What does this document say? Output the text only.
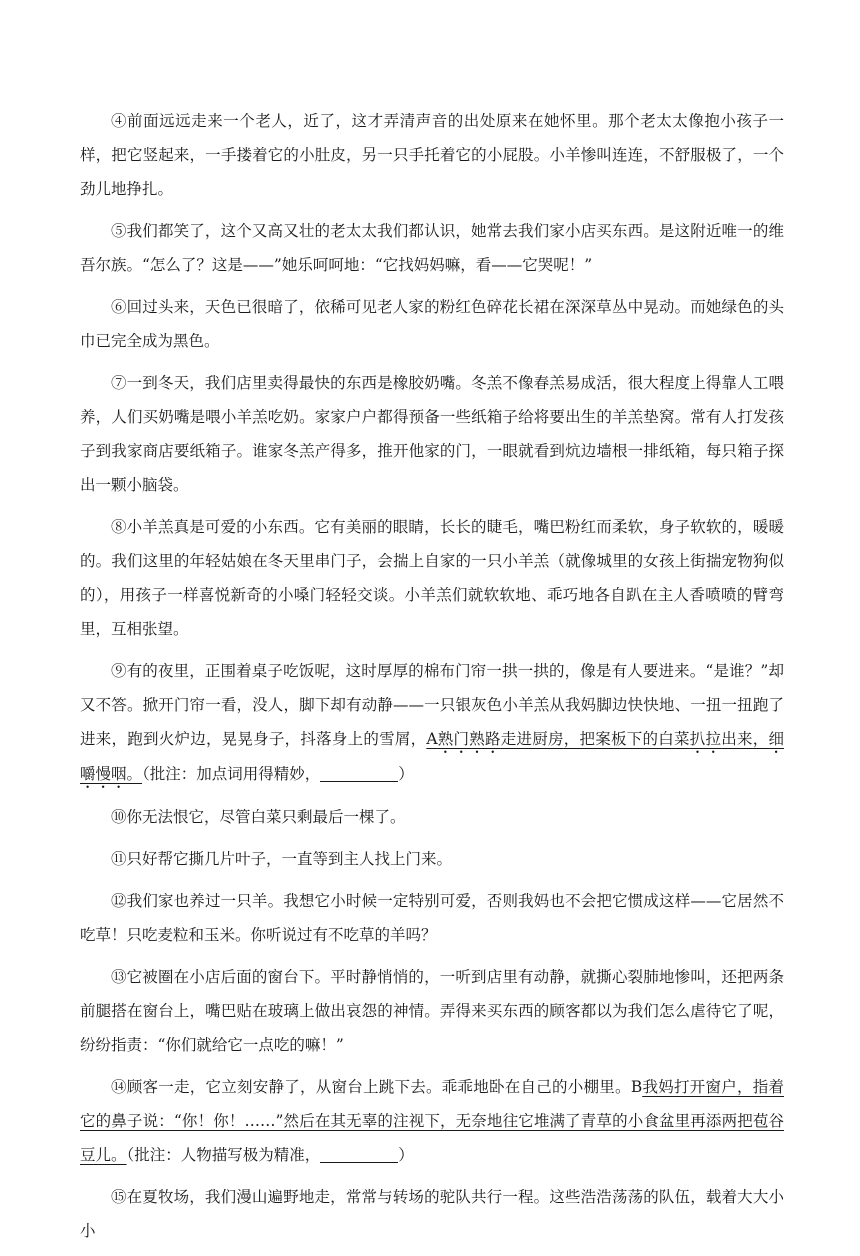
④前面远远走来一个老人，近了，这才弄清声音的出处原来在她怀里。那个老太太像抱小孩子一样，把它竖起来，一手搂着它的小肚皮，另一只手托着它的小屁股。小羊惨叫连连，不舒服极了，一个劲儿地挣扎。

⑤我们都笑了，这个又高又壮的老太太我们都认识，她常去我们家小店买东西。是这附近唯一的维吾尔族。“怎么了？这是——”她乐呵呵地：“它找妈妈嘛，看——它哭呢！”

⑥回过头来，天色已很暗了，依稀可见老人家的粉红色碎花长裙在深深草丛中晃动。而她绿色的头巾已完全成为黑色。

⑦一到冬天，我们店里卖得最快的东西是橡胶奶嘴。冬羔不像春羔易成活，很大程度上得靠人工喂养，人们买奶嘴是喂小羊羔吃奶。家家户户都得预备一些纸箱子给将要出生的羊羔垫窝。常有人打发孩子到我家商店要纸箱子。谁家冬羔产得多，推开他家的门，一眼就看到炕边墙根一排纸箱，每只箱子探出一颗小脑袋。

⑧小羊羔真是可爱的小东西。它有美丽的眼睛，长长的睫毛，嘴巴粉红而柔软，身子软软的，暖暖的。我们这里的年轻姑娘在冬天里串门子，会揣上自家的一只小羊羔（就像城里的女孩上街揣宠物狗似的），用孩子一样喜悦新奇的小嗓门轻轻交谈。小羊羔们就软软地、乖巧地各自趴在主人香喷喷的臂弯里，互相张望。

⑨有的夜里，正围着桌子吃饭呢，这时厚厚的棉布门帘一拱一拱的，像是有人要进来。“是谁？”却又不答。掀开门帘一看，没人，脚下却有动静——一只银灰色小羊羔从我妈脚边快快地、一扭一扭跑了进来，跑到火炉边，晃晃身子，抖落身上的雪屑，A熟门熟路走进厨房，把案板下的白菜扒拉出来，细嚼慢咽。（批注：加点词用得精妙，	）

⑩你无法恨它，尽管白菜只剩最后一棵了。

⑪只好帮它撕几片叶子，一直等到主人找上门来。

⑫我们家也养过一只羊。我想它小时候一定特别可爱，否则我妈也不会把它惯成这样——它居然不吃草！只吃麦粒和玉米。你听说过有不吃草的羊吗？

⑬它被圈在小店后面的窗台下。平时静悄悄的，一听到店里有动静，就撕心裂肺地惨叫，还把两条前腿搭在窗台上，嘴巴贴在玻璃上做出哀怨的神情。弄得来买东西的顾客都以为我们怎么虐待它了呢，纷纷指责：“你们就给它一点吃的嘛！”

⑭顾客一走，它立刻安静了，从窗台上跳下去。乖乖地卧在自己的小棚里。B我妈打开窗户，指着它的鼻子说：“你！你！……”然后在其无辜的注视下，无奈地往它堆满了青草的小食盆里再添两把苞谷豆儿。（批注：人物描写极为精准，	）

⑮在夏牧场，我们漫山遍野地走，常常与转场的驼队共行一程。这些浩浩荡荡的队伍，载着大大小小
